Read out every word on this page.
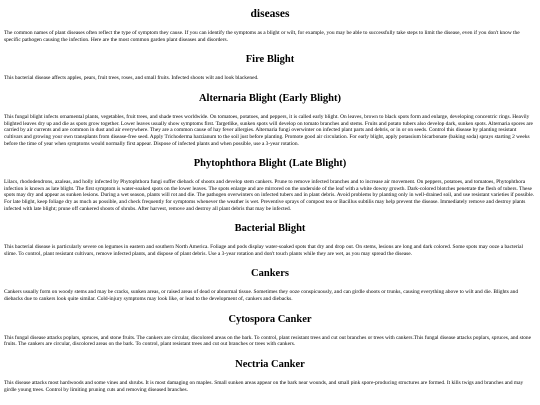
diseases

The common names of plant diseases often reflect the type of symptom they cause. If you can identify the symptoms as a blight or wilt, for example, you may be able to successfully take steps to limit the disease, even if you don't know the specific pathogen causing the infection. Here are the most common garden plant diseases and disorders.

Fire Blight

This bacterial disease affects apples, pears, fruit trees, roses, and small fruits. Infected shoots wilt and look blackened.

Alternaria Blight (Early Blight)

This fungal blight infects ornamental plants, vegetables, fruit trees, and shade trees worldwide. On tomatoes, potatoes, and peppers, it is called early blight. On leaves, brown to black spots form and enlarge, developing concentric rings. Heavily blighted leaves dry up and die as spots grow together. Lower leaves usually show symptoms first. Targetlike, sunken spots will develop on tomato branches and stems. Fruits and potato tubers also develop dark, sunken spots. Alternaria spores are carried by air currents and are common in dust and air everywhere. They are a common cause of hay fever allergies. Alternaria fungi overwinter on infected plant parts and debris, or in or on seeds. Control this disease by planting resistant cultivars and growing your own transplants from disease-free seed. Apply Trichoderma harzianum to the soil just before planting. Promote good air circulation. For early blight, apply potassium bicarbonate (baking soda) sprays starting 2 weeks before the time of year when symptoms would normally first appear. Dispose of infected plants and when possible, use a 3-year rotation.

Phytophthora Blight (Late Blight)

Lilacs, rhododendrons, azaleas, and holly infected by Phytophthora fungi suffer dieback of shoots and develop stem cankers. Prune to remove infected branches and to increase air movement. On peppers, potatoes, and tomatoes, Phytophthora infection is known as late blight. The first symptom is water-soaked spots on the lower leaves. The spots enlarge and are mirrored on the underside of the leaf with a white downy growth. Dark-colored blotches penetrate the flesh of tubers. These spots may dry and appear as sunken lesions. During a wet season, plants will rot and die. The pathogen overwinters on infected tubers and in plant debris. Avoid problems by planting only in well-drained soil, and use resistant varieties if possible. For late blight, keep foliage dry as much as possible, and check frequently for symptoms whenever the weather is wet. Preventive sprays of compost tea or Bacillus subtilis may help prevent the disease. Immediately remove and destroy plants infected with late blight; prune off cankered shoots of shrubs. After harvest, remove and destroy all plant debris that may be infected.

Bacterial Blight

This bacterial disease is particularly severe on legumes in eastern and southern North America. Foliage and pods display water-soaked spots that dry and drop out. On stems, lesions are long and dark colored. Some spots may ooze a bacterial slime. To control, plant resistant cultivars, remove infected plants, and dispose of plant debris. Use a 3-year rotation and don't touch plants while they are wet, as you may spread the disease.

Cankers

Cankers usually form on woody stems and may be cracks, sunken areas, or raised areas of dead or abnormal tissue. Sometimes they ooze conspicuously, and can girdle shoots or trunks, causing everything above to wilt and die. Blights and diebacks due to cankers look quite similar. Cold-injury symptoms may look like, or lead to the development of, cankers and diebacks.

Cytospora Canker

This fungal disease attacks poplars, spruces, and stone fruits. The cankers are circular, discolored areas on the bark. To control, plant resistant trees and cut out branches or trees with cankers.This fungal disease attacks poplars, spruces, and stone fruits. The cankers are circular, discolored areas on the bark. To control, plant resistant trees and cut out branches or trees with cankers.

Nectria Canker

This disease attacks most hardwoods and some vines and shrubs. It is most damaging on maples. Small sunken areas appear on the bark near wounds, and small pink spore-producing structures are formed. It kills twigs and branches and may girdle young trees. Control by limiting pruning cuts and removing diseased branches.
